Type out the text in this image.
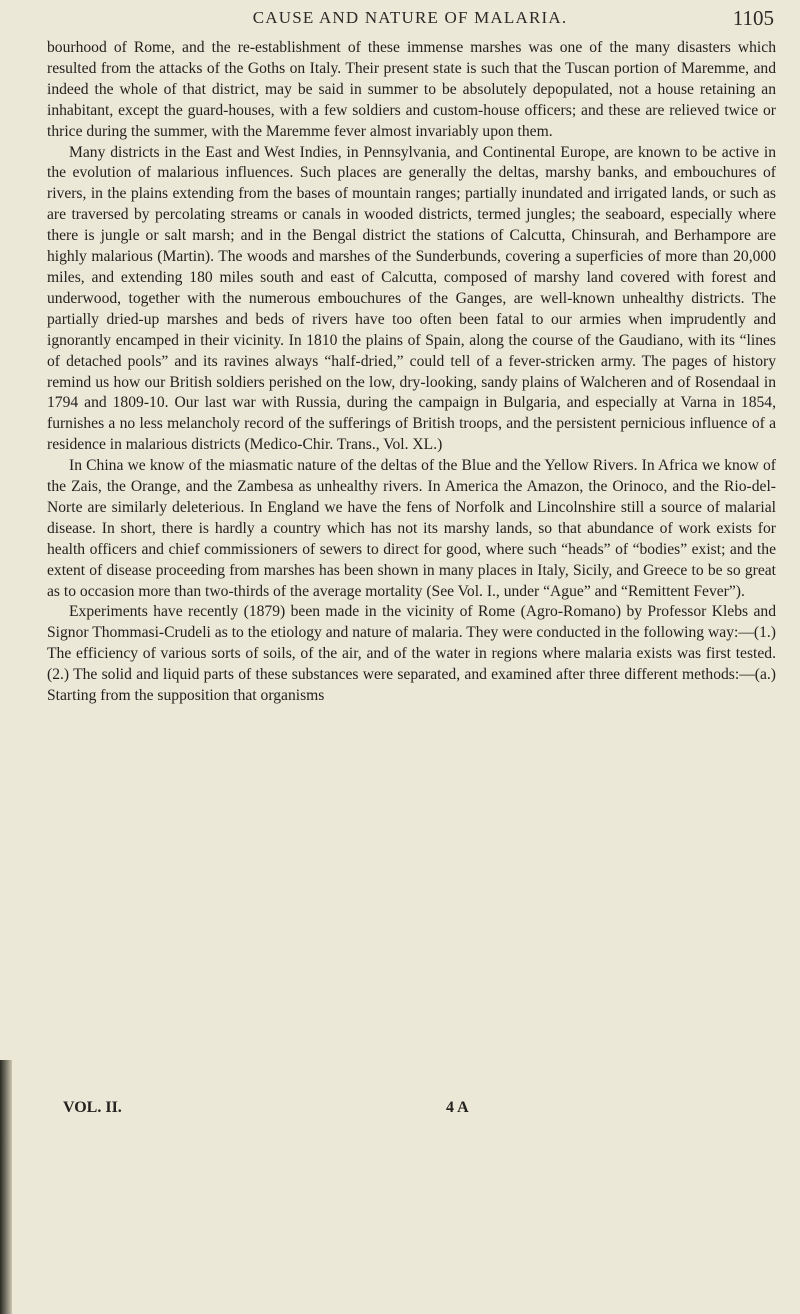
CAUSE AND NATURE OF MALARIA.	1105

bourhood of Rome, and the re-establishment of these immense marshes was one of the many disasters which resulted from the attacks of the Goths on Italy. Their present state is such that the Tuscan portion of Maremme, and indeed the whole of that district, may be said in summer to be absolutely depopulated, not a house retaining an inhabitant, except the guard-houses, with a few soldiers and custom-house officers; and these are relieved twice or thrice during the summer, with the Maremme fever almost invariably upon them.

Many districts in the East and West Indies, in Pennsylvania, and Continental Europe, are known to be active in the evolution of malarious influences. Such places are generally the deltas, marshy banks, and embouchures of rivers, in the plains extending from the bases of mountain ranges; partially inundated and irrigated lands, or such as are traversed by percolating streams or canals in wooded districts, termed jungles; the seaboard, especially where there is jungle or salt marsh; and in the Bengal district the stations of Calcutta, Chinsurah, and Berhampore are highly malarious (Martin). The woods and marshes of the Sunderbunds, covering a superficies of more than 20,000 miles, and extending 180 miles south and east of Calcutta, composed of marshy land covered with forest and underwood, together with the numerous embouchures of the Ganges, are well-known unhealthy districts. The partially dried-up marshes and beds of rivers have too often been fatal to our armies when imprudently and ignorantly encamped in their vicinity. In 1810 the plains of Spain, along the course of the Gaudiano, with its “lines of detached pools” and its ravines always “half-dried,” could tell of a fever-stricken army. The pages of history remind us how our British soldiers perished on the low, dry-looking, sandy plains of Walcheren and of Rosendaal in 1794 and 1809-10. Our last war with Russia, during the campaign in Bulgaria, and especially at Varna in 1854, furnishes a no less melancholy record of the sufferings of British troops, and the persistent pernicious influence of a residence in malarious districts (Medico-Chir. Trans., Vol. XL.)

In China we know of the miasmatic nature of the deltas of the Blue and the Yellow Rivers. In Africa we know of the Zais, the Orange, and the Zambesa as unhealthy rivers. In America the Amazon, the Orinoco, and the Rio-del-Norte are similarly deleterious. In England we have the fens of Norfolk and Lincolnshire still a source of malarial disease. In short, there is hardly a country which has not its marshy lands, so that abundance of work exists for health officers and chief commissioners of sewers to direct for good, where such “heads” of “bodies” exist; and the extent of disease proceeding from marshes has been shown in many places in Italy, Sicily, and Greece to be so great as to occasion more than two-thirds of the average mortality (See Vol. I., under “Ague” and “Remittent Fever”).

Experiments have recently (1879) been made in the vicinity of Rome (Agro-Romano) by Professor Klebs and Signor Thommasi-Crudeli as to the etiology and nature of malaria. They were conducted in the following way:—(1.) The efficiency of various sorts of soils, of the air, and of the water in regions where malaria exists was first tested. (2.) The solid and liquid parts of these substances were separated, and examined after three different methods:—(a.) Starting from the supposition that organisms

VOL. II.	4 A
